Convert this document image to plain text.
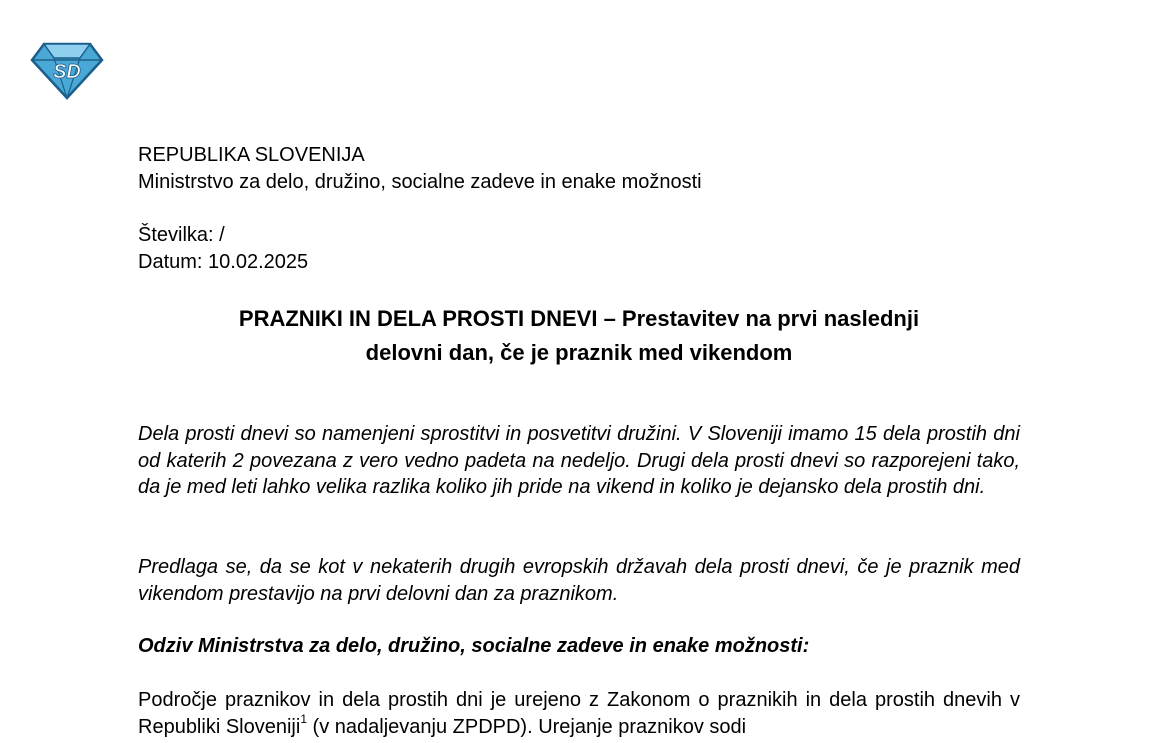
SD
REPUBLIKA SLOVENIJA
Ministrstvo za delo, družino, socialne zadeve in enake možnosti
Številka: /
Datum: 10.02.2025
PRAZNIKI IN DELA PROSTI DNEVI – Prestavitev na prvi naslednji
delovni dan, če je praznik med vikendom
Dela prosti dnevi so namenjeni sprostitvi in posvetitvi družini. V Sloveniji imamo 15 dela prostih dni od katerih 2 povezana z vero vedno padeta na nedeljo. Drugi dela prosti dnevi so razporejeni tako, da je med leti lahko velika razlika koliko jih pride na vikend in koliko je dejansko dela prostih dni.
Predlaga se, da se kot v nekaterih drugih evropskih državah dela prosti dnevi, če je praznik med vikendom prestavijo na prvi delovni dan za praznikom.
Odziv Ministrstva za delo, družino, socialne zadeve in enake možnosti:
Področje praznikov in dela prostih dni je urejeno z Zakonom o praznikih in dela prostih dnevih v Republiki Sloveniji$^1$ (v nadaljevanju ZPDPD). Urejanje praznikov sodi
